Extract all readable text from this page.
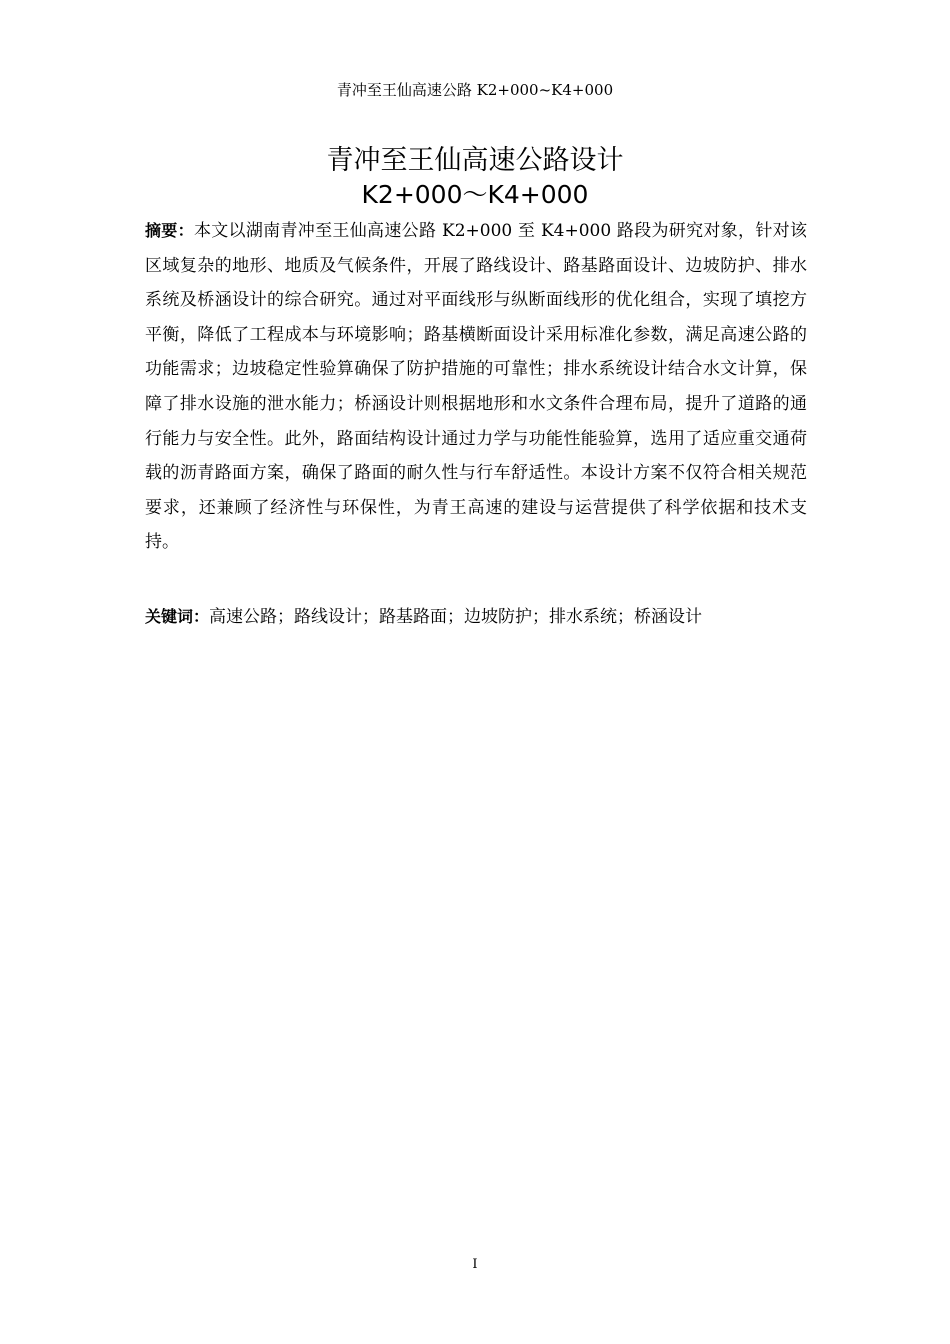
青冲至王仙高速公路 K2+000~K4+000
青冲至王仙高速公路设计
K2+000～K4+000
摘要：本文以湖南青冲至王仙高速公路 K2+000 至 K4+000 路段为研究对象，针对该区域复杂的地形、地质及气候条件，开展了路线设计、路基路面设计、边坡防护、排水系统及桥涵设计的综合研究。通过对平面线形与纵断面线形的优化组合，实现了填挖方平衡，降低了工程成本与环境影响；路基横断面设计采用标准化参数，满足高速公路的功能需求；边坡稳定性验算确保了防护措施的可靠性；排水系统设计结合水文计算，保障了排水设施的泄水能力；桥涵设计则根据地形和水文条件合理布局，提升了道路的通行能力与安全性。此外，路面结构设计通过力学与功能性能验算，选用了适应重交通荷载的沥青路面方案，确保了路面的耐久性与行车舒适性。本设计方案不仅符合相关规范要求，还兼顾了经济性与环保性，为青王高速的建设与运营提供了科学依据和技术支持。
关键词：高速公路；路线设计；路基路面；边坡防护；排水系统；桥涵设计
I
